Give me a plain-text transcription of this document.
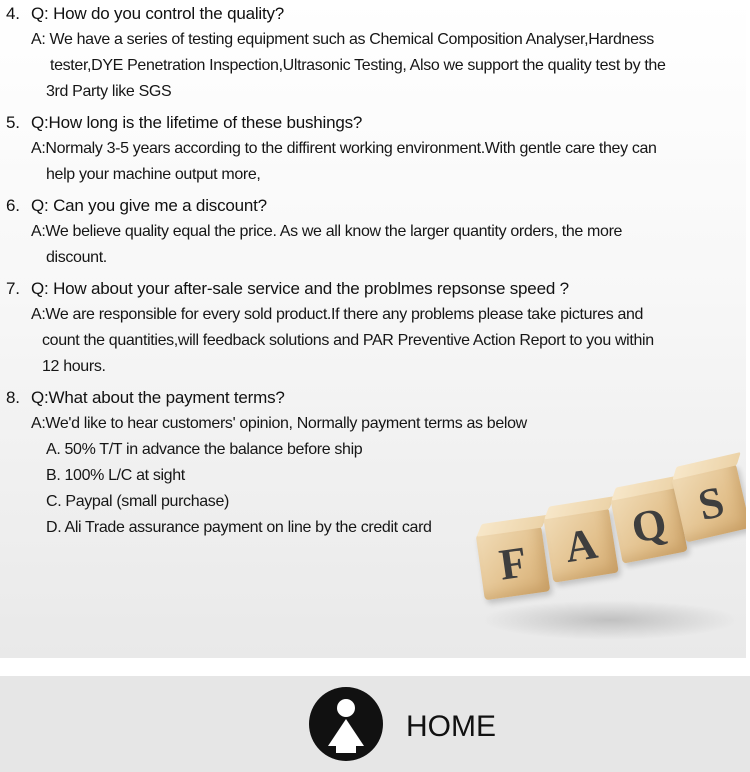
4. Q: How do you control the quality?
A: We have a series of testing equipment such as Chemical Composition Analyser,Hardness
tester,DYE Penetration Inspection,Ultrasonic Testing, Also we support the quality test by the
3rd Party like SGS
5. Q:How long is the lifetime of these bushings?
A:Normaly 3-5 years according to the diffirent working environment.With gentle care they can
help your machine output more,
6. Q: Can you give me a discount?
A:We believe quality equal the price. As we all know the larger quantity orders, the more
discount.
7. Q: How about your after-sale service and the problmes repsonse speed ?
A:We are responsible for every sold product.If there any problems please take pictures and
count the quantities,will feedback solutions and PAR Preventive Action Report to you within
12 hours.
8. Q:What about the payment terms?
A:We'd like to hear customers' opinion, Normally payment terms as below
A. 50% T/T in advance the balance before ship
B. 100% L/C at sight
C. Paypal (small purchase)
D. Ali Trade assurance payment on line by the credit card
F A Q S
HOME
